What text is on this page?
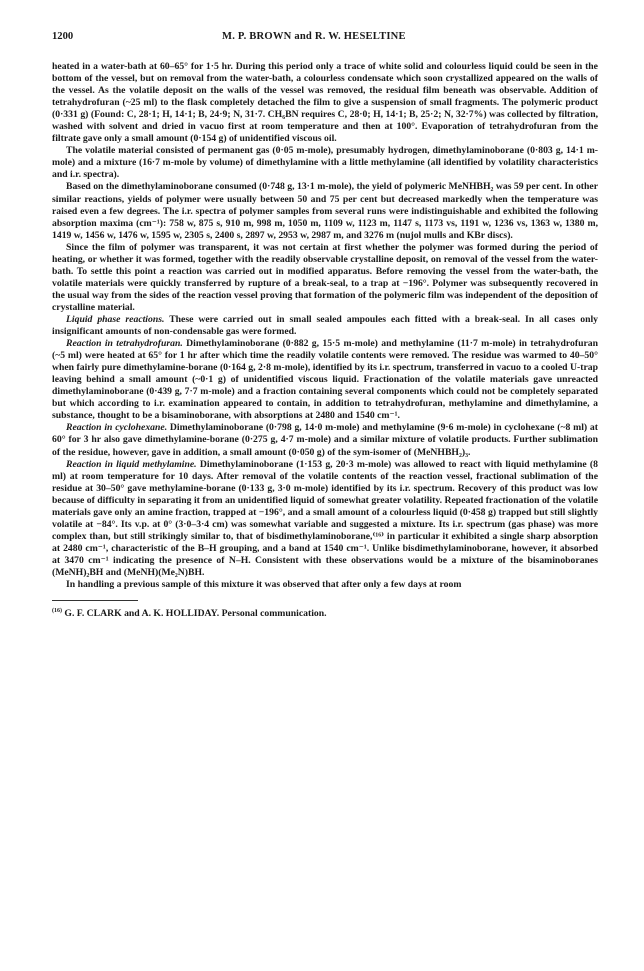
1200	M. P. BROWN and R. W. HESELTINE

heated in a water-bath at 60–65° for 1·5 hr. During this period only a trace of white solid and colourless liquid could be seen in the bottom of the vessel, but on removal from the water-bath, a colourless condensate which soon crystallized appeared on the walls of the vessel. As the volatile deposit on the walls of the vessel was removed, the residual film beneath was observable. Addition of tetrahydrofuran (~25 ml) to the flask completely detached the film to give a suspension of small fragments. The polymeric product (0·331 g) (Found: C, 28·1; H, 14·1; B, 24·9; N, 31·7. CH₆BN requires C, 28·0; H, 14·1; B, 25·2; N, 32·7%) was collected by filtration, washed with solvent and dried in vacuo first at room temperature and then at 100°. Evaporation of tetrahydrofuran from the filtrate gave only a small amount (0·154 g) of unidentified viscous oil.

The volatile material consisted of permanent gas (0·05 m-mole), presumably hydrogen, dimethylaminoborane (0·803 g, 14·1 m-mole) and a mixture (16·7 m-mole by volume) of dimethylamine with a little methylamine (all identified by volatility characteristics and i.r. spectra).

Based on the dimethylaminoborane consumed (0·748 g, 13·1 m-mole), the yield of polymeric MeNHBH₂ was 59 per cent. In other similar reactions, yields of polymer were usually between 50 and 75 per cent but decreased markedly when the temperature was raised even a few degrees. The i.r. spectra of polymer samples from several runs were indistinguishable and exhibited the following absorption maxima (cm⁻¹): 758 w, 875 s, 910 m, 998 m, 1050 m, 1109 w, 1123 m, 1147 s, 1173 vs, 1191 w, 1236 vs, 1363 w, 1380 m, 1419 w, 1456 w, 1476 w, 1595 w, 2305 s, 2400 s, 2897 w, 2953 w, 2987 m, and 3276 m (nujol mulls and KBr discs).

Since the film of polymer was transparent, it was not certain at first whether the polymer was formed during the period of heating, or whether it was formed, together with the readily observable crystalline deposit, on removal of the vessel from the water-bath. To settle this point a reaction was carried out in modified apparatus. Before removing the vessel from the water-bath, the volatile materials were quickly transferred by rupture of a break-seal, to a trap at −196°. Polymer was subsequently recovered in the usual way from the sides of the reaction vessel proving that formation of the polymeric film was independent of the deposition of crystalline material.

Liquid phase reactions. These were carried out in small sealed ampoules each fitted with a break-seal. In all cases only insignificant amounts of non-condensable gas were formed.

Reaction in tetrahydrofuran. Dimethylaminoborane (0·882 g, 15·5 m-mole) and methylamine (11·7 m-mole) in tetrahydrofuran (~5 ml) were heated at 65° for 1 hr after which time the readily volatile contents were removed. The residue was warmed to 40–50° when fairly pure dimethylamine-borane (0·164 g, 2·8 m-mole), identified by its i.r. spectrum, transferred in vacuo to a cooled U-trap leaving behind a small amount (~0·1 g) of unidentified viscous liquid. Fractionation of the volatile materials gave unreacted dimethylaminoborane (0·439 g, 7·7 m-mole) and a fraction containing several components which could not be completely separated but which according to i.r. examination appeared to contain, in addition to tetrahydrofuran, methylamine and dimethylamine, a substance, thought to be a bisaminoborane, with absorptions at 2480 and 1540 cm⁻¹.

Reaction in cyclohexane. Dimethylaminoborane (0·798 g, 14·0 m-mole) and methylamine (9·6 m-mole) in cyclohexane (~8 ml) at 60° for 3 hr also gave dimethylamine-borane (0·275 g, 4·7 m-mole) and a similar mixture of volatile products. Further sublimation of the residue, however, gave in addition, a small amount (0·050 g) of the sym-isomer of (MeNHBH₂)₃.

Reaction in liquid methylamine. Dimethylaminoborane (1·153 g, 20·3 m-mole) was allowed to react with liquid methylamine (8 ml) at room temperature for 10 days. After removal of the volatile contents of the reaction vessel, fractional sublimation of the residue at 30–50° gave methylamine-borane (0·133 g, 3·0 m-mole) identified by its i.r. spectrum. Recovery of this product was low because of difficulty in separating it from an unidentified liquid of somewhat greater volatility. Repeated fractionation of the volatile materials gave only an amine fraction, trapped at −196°, and a small amount of a colourless liquid (0·458 g) trapped but still slightly volatile at −84°. Its v.p. at 0° (3·0–3·4 cm) was somewhat variable and suggested a mixture. Its i.r. spectrum (gas phase) was more complex than, but still strikingly similar to, that of bisdimethylaminoborane,⁽¹⁶⁾ in particular it exhibited a single sharp absorption at 2480 cm⁻¹, characteristic of the B–H grouping, and a band at 1540 cm⁻¹. Unlike bisdimethylaminoborane, however, it absorbed at 3470 cm⁻¹ indicating the presence of N–H. Consistent with these observations would be a mixture of the bisaminoboranes (MeNH)₂BH and (MeNH)(Me₂N)BH.

In handling a previous sample of this mixture it was observed that after only a few days at room

$^{(16)}$ G. F. CLARK and A. K. HOLLIDAY. Personal communication.
